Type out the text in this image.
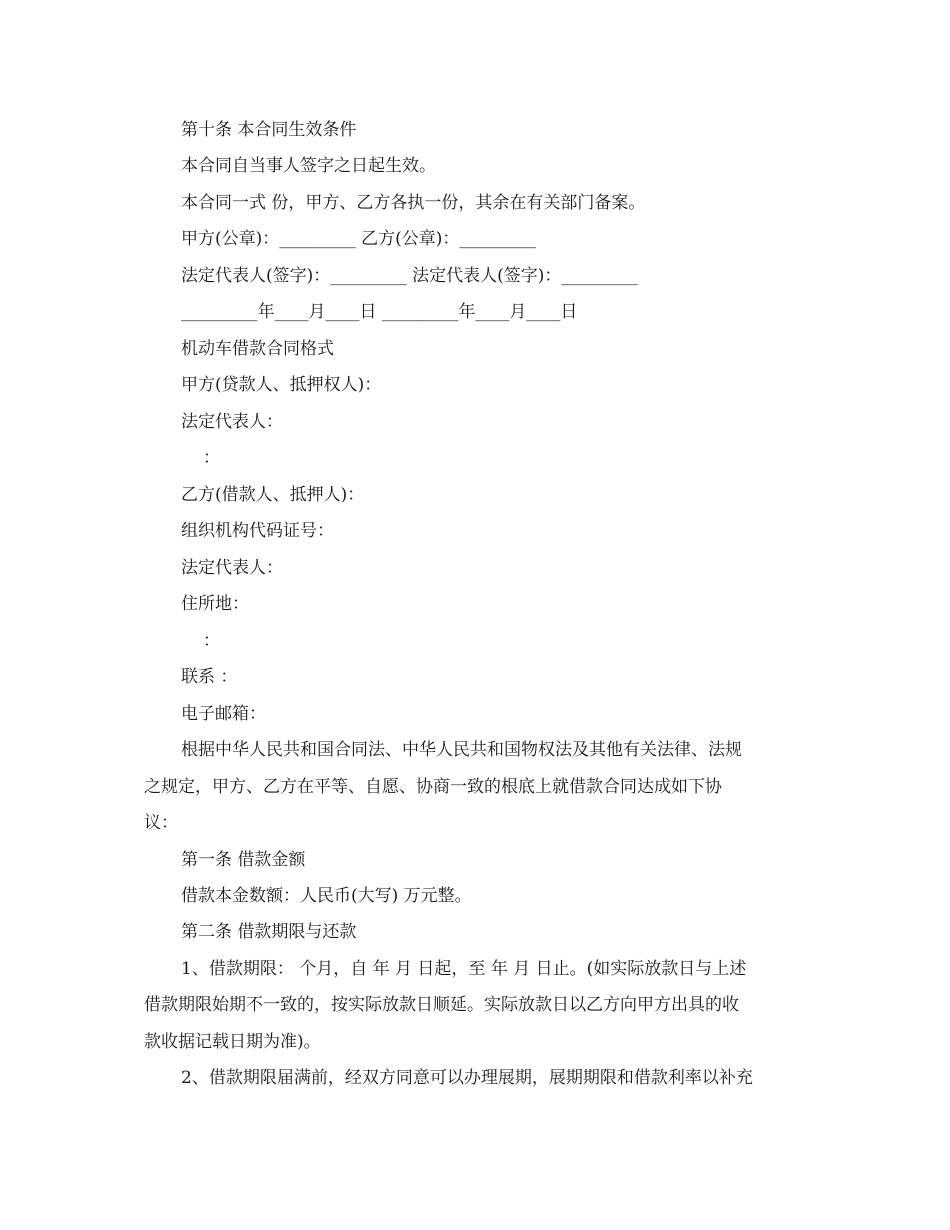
第十条 本合同生效条件
本合同自当事人签字之日起生效。
本合同一式 份，甲方、乙方各执一份，其余在有关部门备案。
甲方(公章)：_________ 乙方(公章)：_________
法定代表人(签字)：_________ 法定代表人(签字)：_________
_________年____月____日 _________年____月____日
机动车借款合同格式
甲方(贷款人、抵押权人)：
法定代表人：
：
乙方(借款人、抵押人)：
组织机构代码证号：
法定代表人：
住所地：
：
联系 ：
电子邮箱：
根据中华人民共和国合同法、中华人民共和国物权法及其他有关法律、法规
之规定，甲方、乙方在平等、自愿、协商一致的根底上就借款合同达成如下协
议：
第一条 借款金额
借款本金数额：人民币(大写) 万元整。
第二条 借款期限与还款
1、借款期限： 个月，自 年 月 日起，至 年 月 日止。(如实际放款日与上述
借款期限始期不一致的，按实际放款日顺延。实际放款日以乙方向甲方出具的收
款收据记载日期为准)。
2、借款期限届满前，经双方同意可以办理展期，展期期限和借款利率以补充
